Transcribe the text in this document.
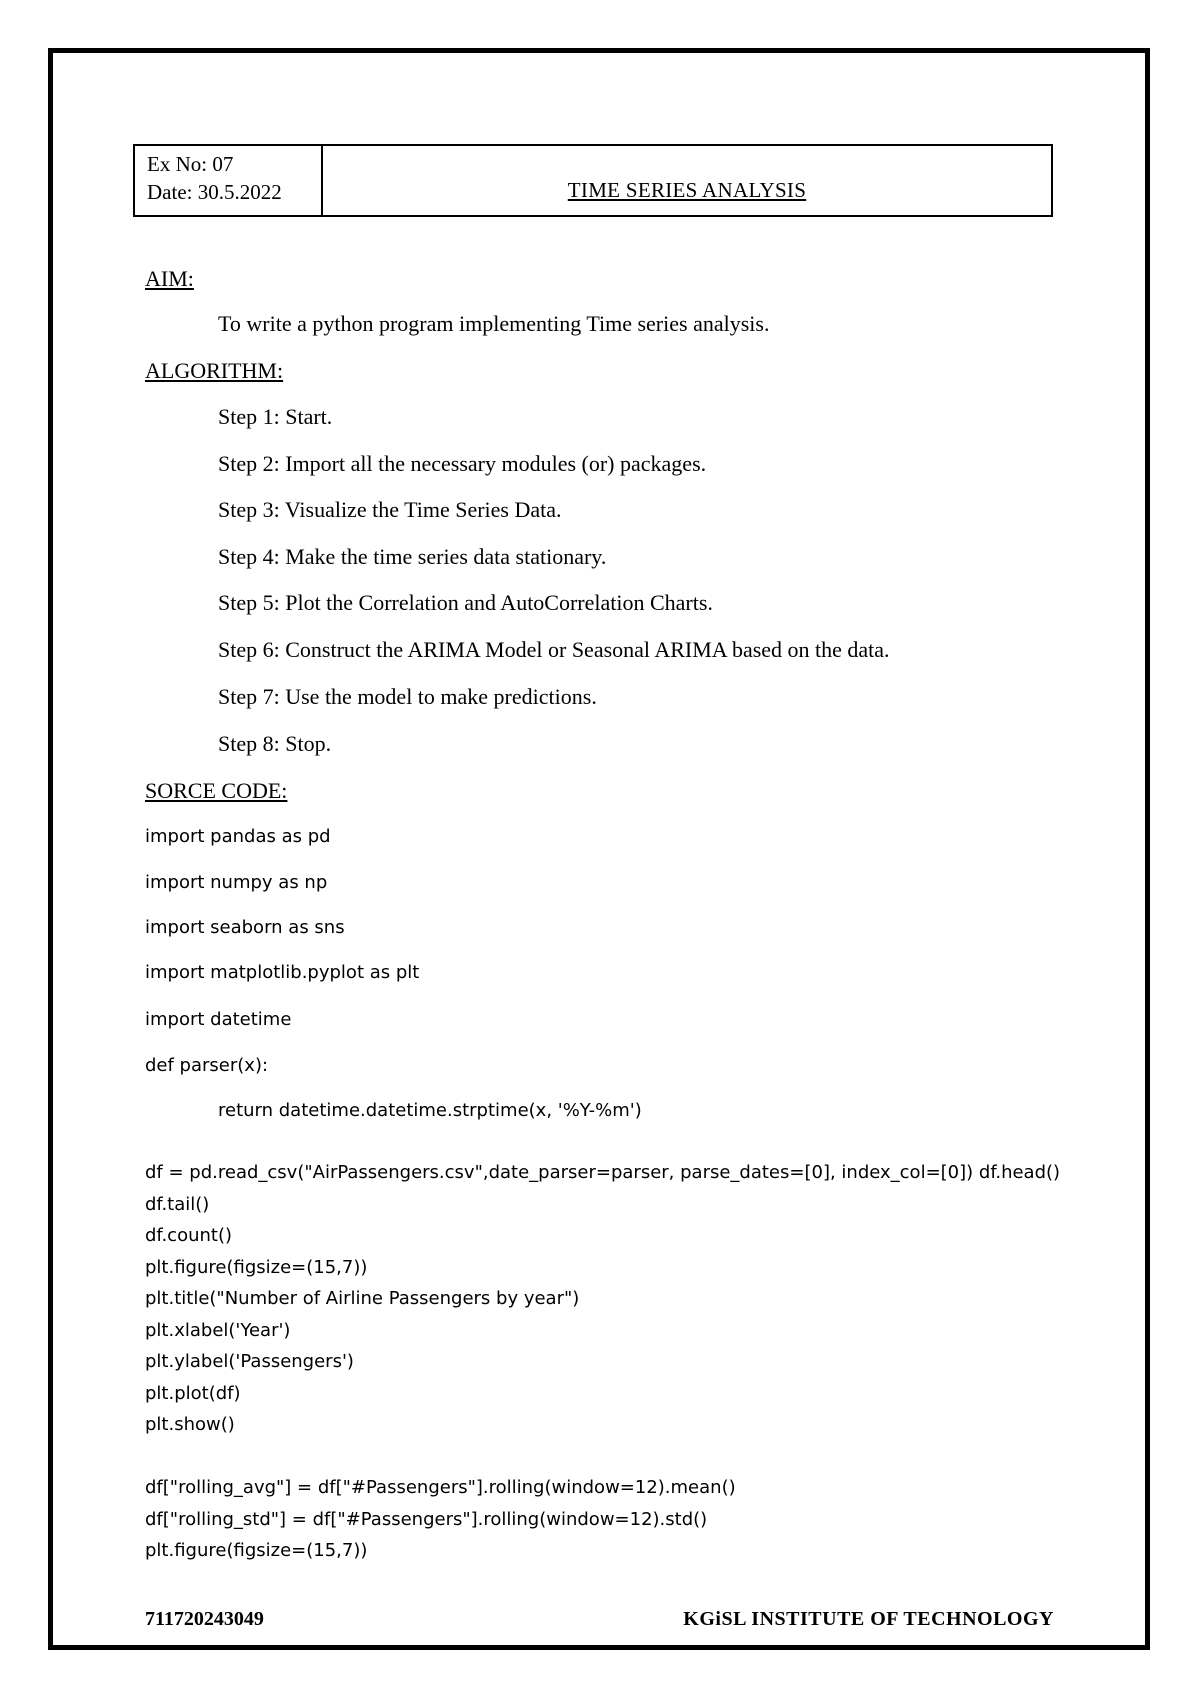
Ex No: 07
Date: 30.5.2022	TIME SERIES ANALYSIS
AIM:
To write a python program implementing Time series analysis.
ALGORITHM:
Step 1: Start.
Step 2: Import all the necessary modules (or) packages.
Step 3: Visualize the Time Series Data.
Step 4: Make the time series data stationary.
Step 5: Plot the Correlation and AutoCorrelation Charts.
Step 6: Construct the ARIMA Model or Seasonal ARIMA based on the data.
Step 7: Use the model to make predictions.
Step 8: Stop.
SORCE CODE:
import pandas as pd
import numpy as np
import seaborn as sns
import matplotlib.pyplot as plt
import datetime
def parser(x):
return datetime.datetime.strptime(x, '%Y-%m')
df = pd.read_csv("AirPassengers.csv",date_parser=parser, parse_dates=[0], index_col=[0]) df.head()
df.tail()
df.count()
plt.figure(figsize=(15,7))
plt.title("Number of Airline Passengers by year")
plt.xlabel('Year')
plt.ylabel('Passengers')
plt.plot(df)
plt.show()
df["rolling_avg"] = df["#Passengers"].rolling(window=12).mean()
df["rolling_std"] = df["#Passengers"].rolling(window=12).std()
plt.figure(figsize=(15,7))
711720243049	KGiSL INSTITUTE OF TECHNOLOGY
